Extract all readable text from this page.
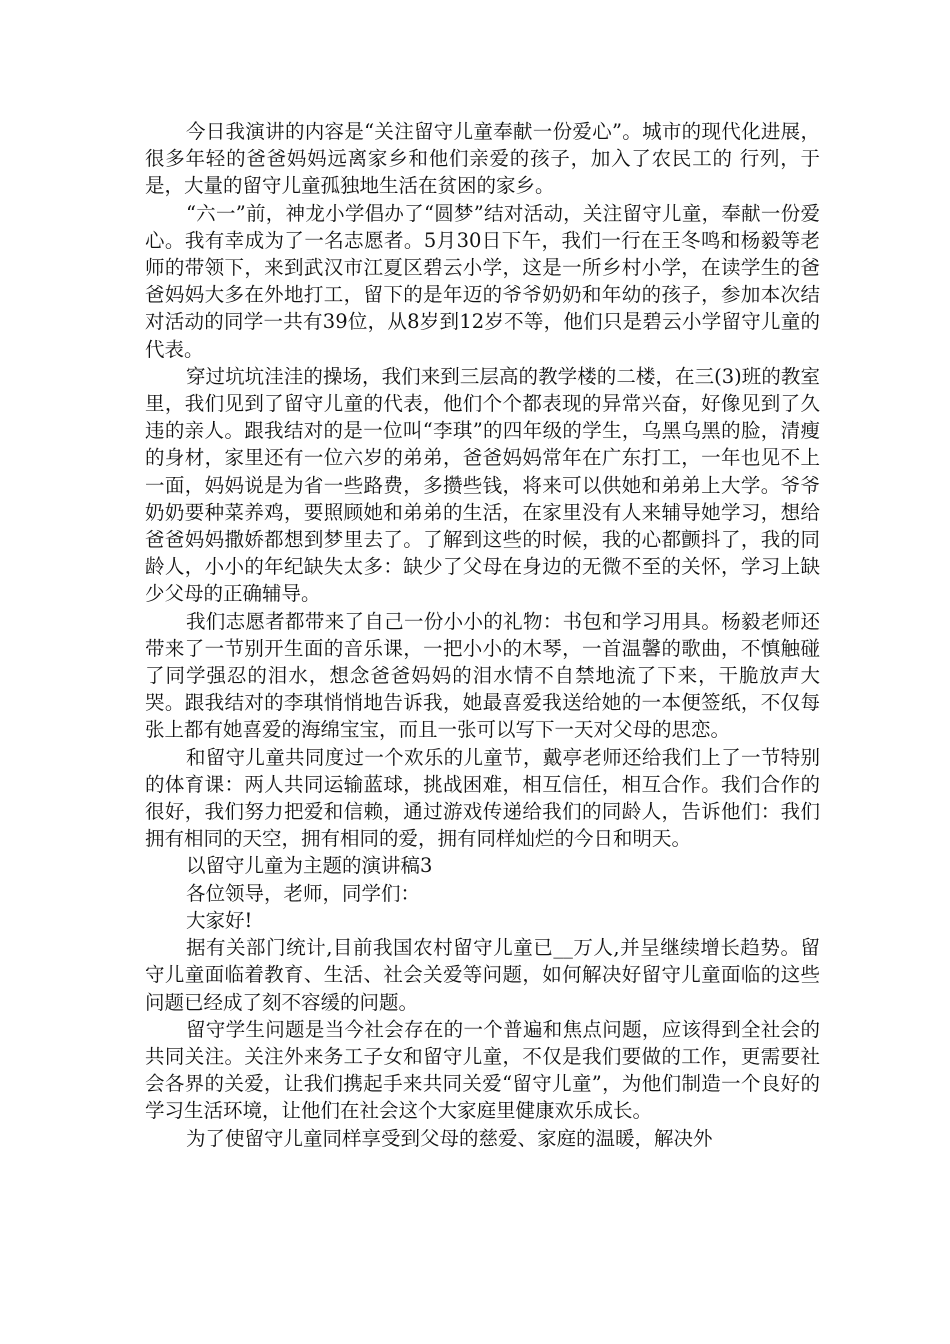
今日我演讲的内容是“关注留守儿童奉献一份爱心”。城市的现代化进展，很多年轻的爸爸妈妈远离家乡和他们亲爱的孩子，加入了农民工的 行列，于是，大量的留守儿童孤独地生活在贫困的家乡。

“六一”前，神龙小学倡办了“圆梦”结对活动，关注留守儿童，奉献一份爱心。我有幸成为了一名志愿者。5月30日下午，我们一行在王冬鸣和杨毅等老师的带领下，来到武汉市江夏区碧云小学，这是一所乡村小学，在读学生的爸爸妈妈大多在外地打工，留下的是年迈的爷爷奶奶和年幼的孩子，参加本次结对活动的同学一共有39位，从8岁到12岁不等，他们只是碧云小学留守儿童的代表。

穿过坑坑洼洼的操场，我们来到三层高的教学楼的二楼，在三(3)班的教室里，我们见到了留守儿童的代表，他们个个都表现的异常兴奋，好像见到了久违的亲人。跟我结对的是一位叫“李琪”的四年级的学生，乌黑乌黑的脸，清瘦的身材，家里还有一位六岁的弟弟，爸爸妈妈常年在广东打工，一年也见不上一面，妈妈说是为省一些路费，多攒些钱，将来可以供她和弟弟上大学。爷爷奶奶要种菜养鸡，要照顾她和弟弟的生活，在家里没有人来辅导她学习，想给爸爸妈妈撒娇都想到梦里去了。了解到这些的时候，我的心都颤抖了，我的同龄人，小小的年纪缺失太多：缺少了父母在身边的无微不至的关怀，学习上缺少父母的正确辅导。

我们志愿者都带来了自己一份小小的礼物：书包和学习用具。杨毅老师还带来了一节别开生面的音乐课，一把小小的木琴，一首温馨的歌曲，不慎触碰了同学强忍的泪水，想念爸爸妈妈的泪水情不自禁地流了下来，干脆放声大哭。跟我结对的李琪悄悄地告诉我，她最喜爱我送给她的一本便签纸，不仅每张上都有她喜爱的海绵宝宝，而且一张可以写下一天对父母的思恋。

和留守儿童共同度过一个欢乐的儿童节，戴亭老师还给我们上了一节特别的体育课：两人共同运输蓝球，挑战困难，相互信任，相互合作。我们合作的很好，我们努力把爱和信赖，通过游戏传递给我们的同龄人，告诉他们：我们拥有相同的天空，拥有相同的爱，拥有同样灿烂的今日和明天。

以留守儿童为主题的演讲稿3

各位领导，老师，同学们：

大家好!

据有关部门统计,目前我国农村留守儿童已__万人,并呈继续增长趋势。留守儿童面临着教育、生活、社会关爱等问题，如何解决好留守儿童面临的这些问题已经成了刻不容缓的问题。

留守学生问题是当今社会存在的一个普遍和焦点问题，应该得到全社会的共同关注。关注外来务工子女和留守儿童，不仅是我们要做的工作，更需要社会各界的关爱，让我们携起手来共同关爱“留守儿童”，为他们制造一个良好的学习生活环境，让他们在社会这个大家庭里健康欢乐成长。

为了使留守儿童同样享受到父母的慈爱、家庭的温暖，解决外
